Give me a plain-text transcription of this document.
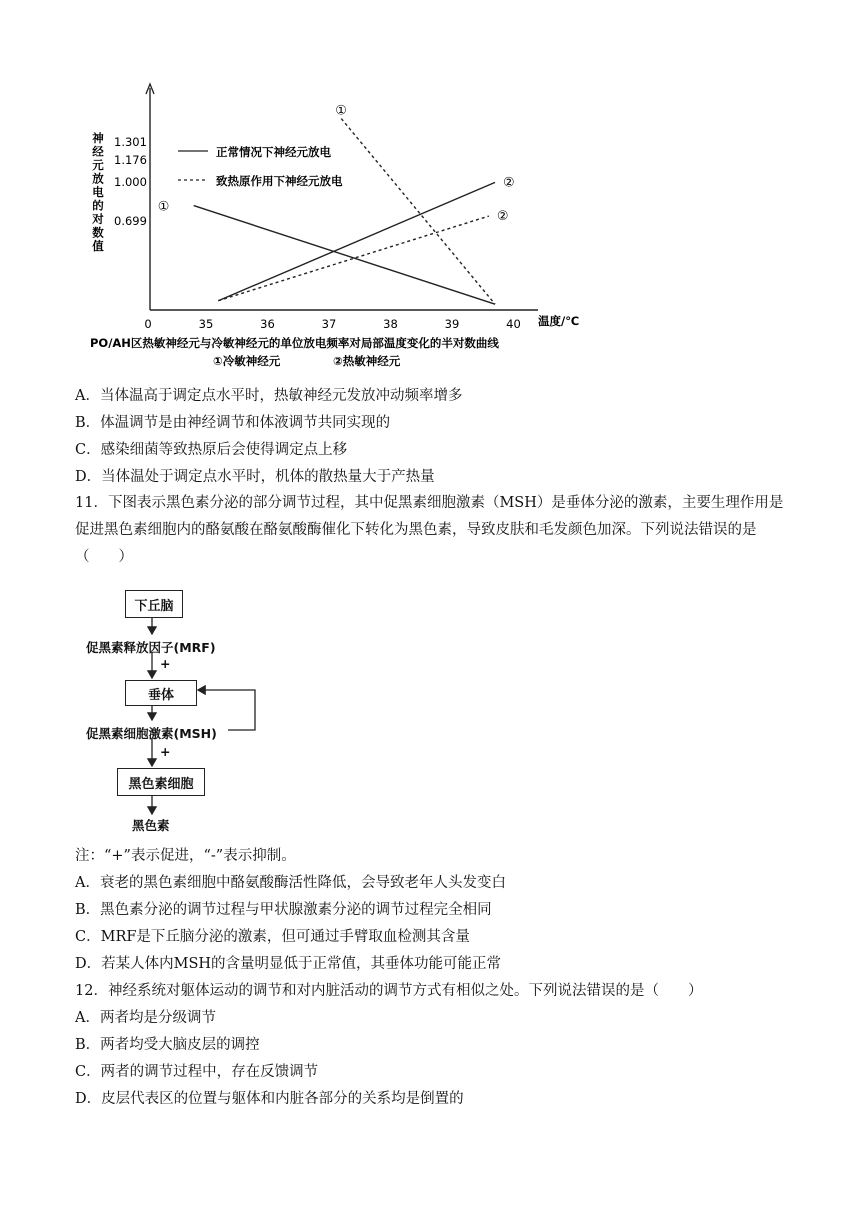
神
经
元
放
电
的
对
数
值
1.301
1.176
1.000
0.699
0	35	36	37	38	39	40 温度/℃
正常情况下神经元放电
致热原作用下神经元放电
①
②
①
②
PO/AH区热敏神经元与冷敏神经元的单位放电频率对局部温度变化的半对数曲线
①冷敏神经元	②热敏神经元
A．当体温高于调定点水平时，热敏神经元发放冲动频率增多
B．体温调节是由神经调节和体液调节共同实现的
C．感染细菌等致热原后会使得调定点上移
D．当体温处于调定点水平时，机体的散热量大于产热量
11．下图表示黑色素分泌的部分调节过程，其中促黑素细胞激素（MSH）是垂体分泌的激素，主要生理作用是促进黑色素细胞内的酪氨酸在酪氨酸酶催化下转化为黑色素，导致皮肤和毛发颜色加深。下列说法错误的是（　　）
下丘脑
促黑素释放因子(MRF)
+
垂体
促黑素细胞激素(MSH)
+
黑色素细胞
黑色素
注：“+”表示促进，“-”表示抑制。
A．衰老的黑色素细胞中酪氨酸酶活性降低，会导致老年人头发变白
B．黑色素分泌的调节过程与甲状腺激素分泌的调节过程完全相同
C．MRF是下丘脑分泌的激素，但可通过手臂取血检测其含量
D．若某人体内MSH的含量明显低于正常值，其垂体功能可能正常
12．神经系统对躯体运动的调节和对内脏活动的调节方式有相似之处。下列说法错误的是（　　）
A．两者均是分级调节
B．两者均受大脑皮层的调控
C．两者的调节过程中，存在反馈调节
D．皮层代表区的位置与躯体和内脏各部分的关系均是倒置的
